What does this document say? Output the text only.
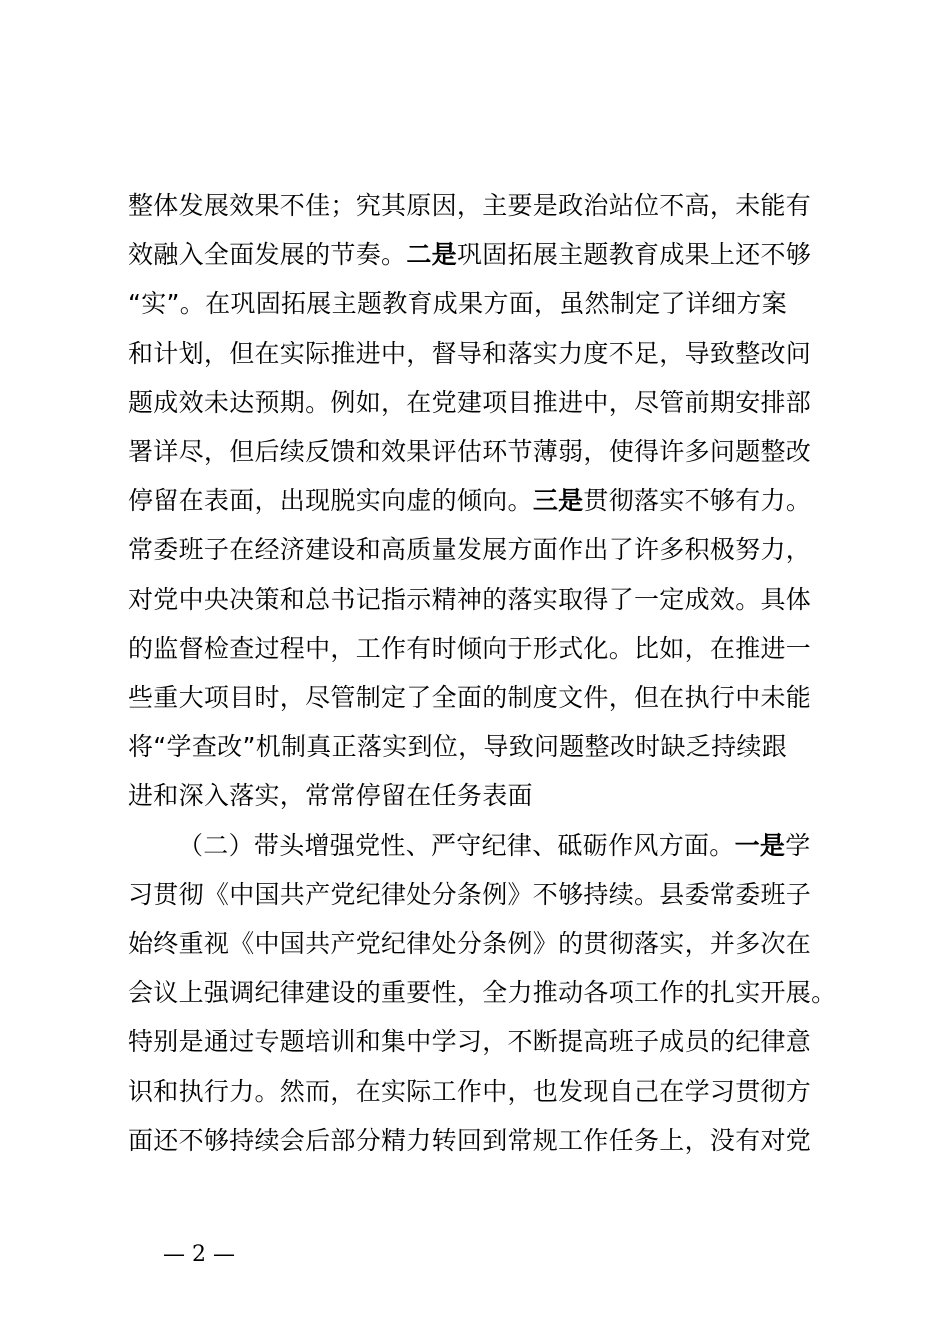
整体发展效果不佳；究其原因，主要是政治站位不高，未能有
效融入全面发展的节奏。二是巩固拓展主题教育成果上还不够
“实”。在巩固拓展主题教育成果方面，虽然制定了详细方案
和计划，但在实际推进中，督导和落实力度不足，导致整改问
题成效未达预期。例如，在党建项目推进中，尽管前期安排部
署详尽，但后续反馈和效果评估环节薄弱，使得许多问题整改
停留在表面，出现脱实向虚的倾向。三是贯彻落实不够有力。
常委班子在经济建设和高质量发展方面作出了许多积极努力，
对党中央决策和总书记指示精神的落实取得了一定成效。具体
的监督检查过程中，工作有时倾向于形式化。比如，在推进一
些重大项目时，尽管制定了全面的制度文件，但在执行中未能
将“学查改”机制真正落实到位，导致问题整改时缺乏持续跟
进和深入落实，常常停留在任务表面
（二）带头增强党性、严守纪律、砥砺作风方面。一是学
习贯彻《中国共产党纪律处分条例》不够持续。县委常委班子
始终重视《中国共产党纪律处分条例》的贯彻落实，并多次在
会议上强调纪律建设的重要性，全力推动各项工作的扎实开展。
特别是通过专题培训和集中学习，不断提高班子成员的纪律意
识和执行力。然而，在实际工作中，也发现自己在学习贯彻方
面还不够持续会后部分精力转回到常规工作任务上，没有对党
— 2 —
